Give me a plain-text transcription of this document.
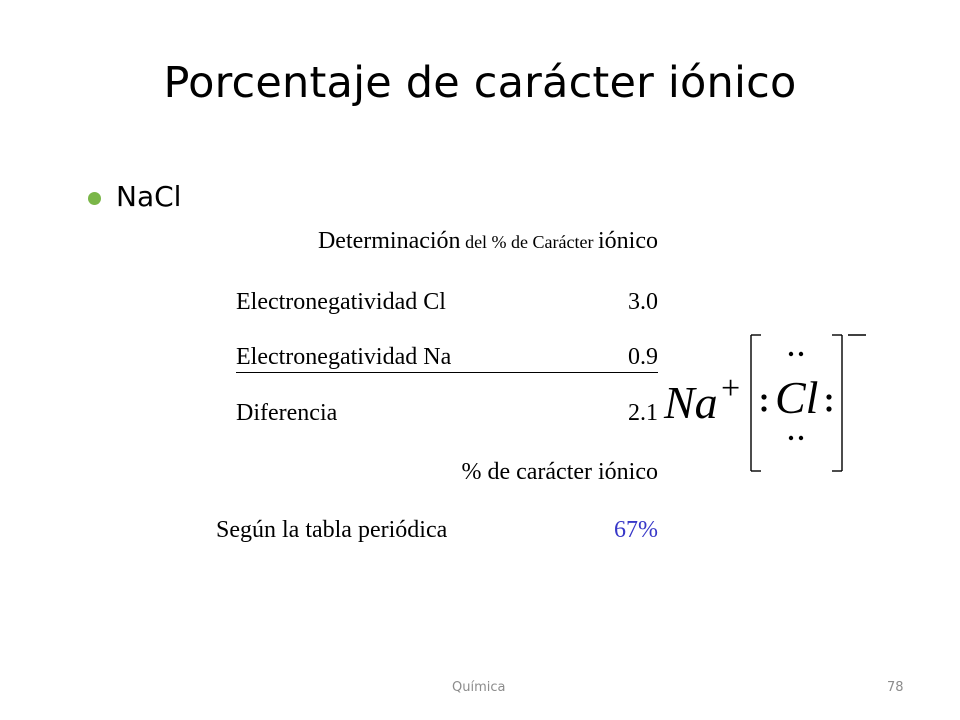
Porcentaje de carácter iónico
NaCl
Determinación del % de Carácter iónico
Electronegatividad Cl	3.0
Electronegatividad Na	0.9
Diferencia	2.1
% de carácter iónico
Según la tabla periódica	67%
Na + Cl
Química	78
